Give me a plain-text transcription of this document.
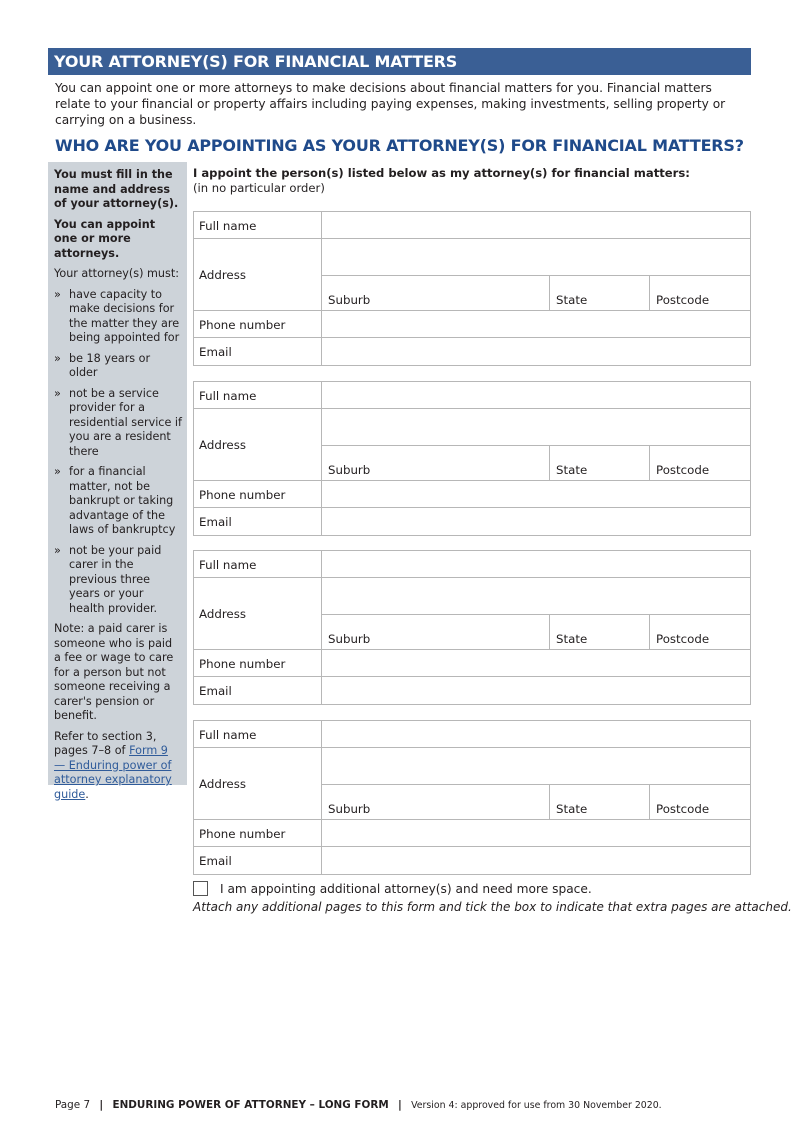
YOUR ATTORNEY(S) FOR FINANCIAL MATTERS
You can appoint one or more attorneys to make decisions about financial matters for you. Financial matters relate to your financial or property affairs including paying expenses, making investments, selling property or carrying on a business.
WHO ARE YOU APPOINTING AS YOUR ATTORNEY(S) FOR FINANCIAL MATTERS?

You must fill in the name and address of your attorney(s).

You can appoint one or more attorneys.

Your attorney(s) must:

» have capacity to make decisions for the matter they are being appointed for
» be 18 years or older
» not be a service provider for a residential service if you are a resident there
» for a financial matter, not be bankrupt or taking advantage of the laws of bankruptcy
» not be your paid carer in the previous three years or your health provider.

Note: a paid carer is someone who is paid a fee or wage to care for a person but not someone receiving a carer's pension or benefit.

Refer to section 3, pages 7–8 of Form 9 — Enduring power of attorney explanatory guide.

I appoint the person(s) listed below as my attorney(s) for financial matters:
(in no particular order)
Full name
Address
Suburb	State	Postcode
Phone number
Email
Full name
Address
Suburb	State	Postcode
Phone number
Email
Full name
Address
Suburb	State	Postcode
Phone number
Email
Full name
Address
Suburb	State	Postcode
Phone number
Email
I am appointing additional attorney(s) and need more space.
Attach any additional pages to this form and tick the box to indicate that extra pages are attached.
Page 7 | ENDURING POWER OF ATTORNEY – LONG FORM | Version 4: approved for use from 30 November 2020.
